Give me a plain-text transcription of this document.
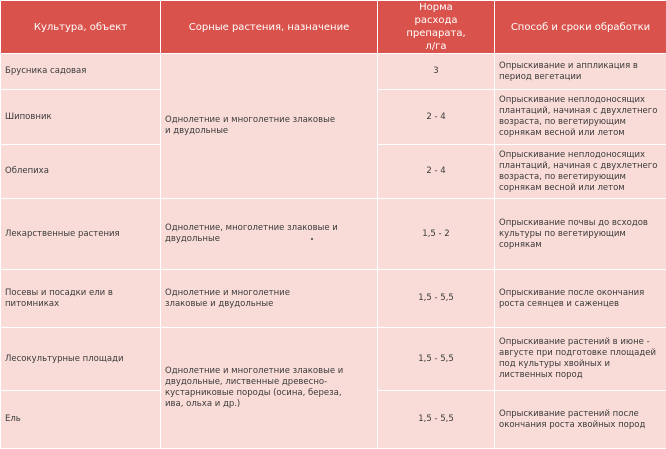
Культура, объект	Сорные растения, назначение	Норма расхода препарата, л/га	Способ и сроки обработки
Брусника садовая	Однолетние и многолетние злаковые и двудольные	3	Опрыскивание и аппликация в период вегетации
Шиповник		2 - 4	Опрыскивание неплодоносящих плантаций, начиная с двухлетнего возраста, по вегетирующим сорнякам весной или летом
Облепиха		2 - 4	Опрыскивание неплодоносящих плантаций, начиная с двухлетнего возраста, по вегетирующим сорнякам весной или летом
Лекарственные растения	Однолетние, многолетние злаковые и двудольные	1,5 - 2	Опрыскивание почвы до всходов культуры по вегетирующим сорнякам
Посевы и посадки ели в питомниках	Однолетние и многолетние злаковые и двудольные	1,5 - 5,5	Опрыскивание после окончания роста сеянцев и саженцев
Лесокультурные площади	Однолетние и многолетние злаковые и двудольные, лиственные древесно-кустарниковые породы (осина, береза, ива, ольха и др.)	1,5 - 5,5	Опрыскивание растений в июне - августе при подготовке площадей под культуры хвойных и лиственных пород
Ель		1,5 - 5,5	Опрыскивание растений после окончания роста хвойных пород
